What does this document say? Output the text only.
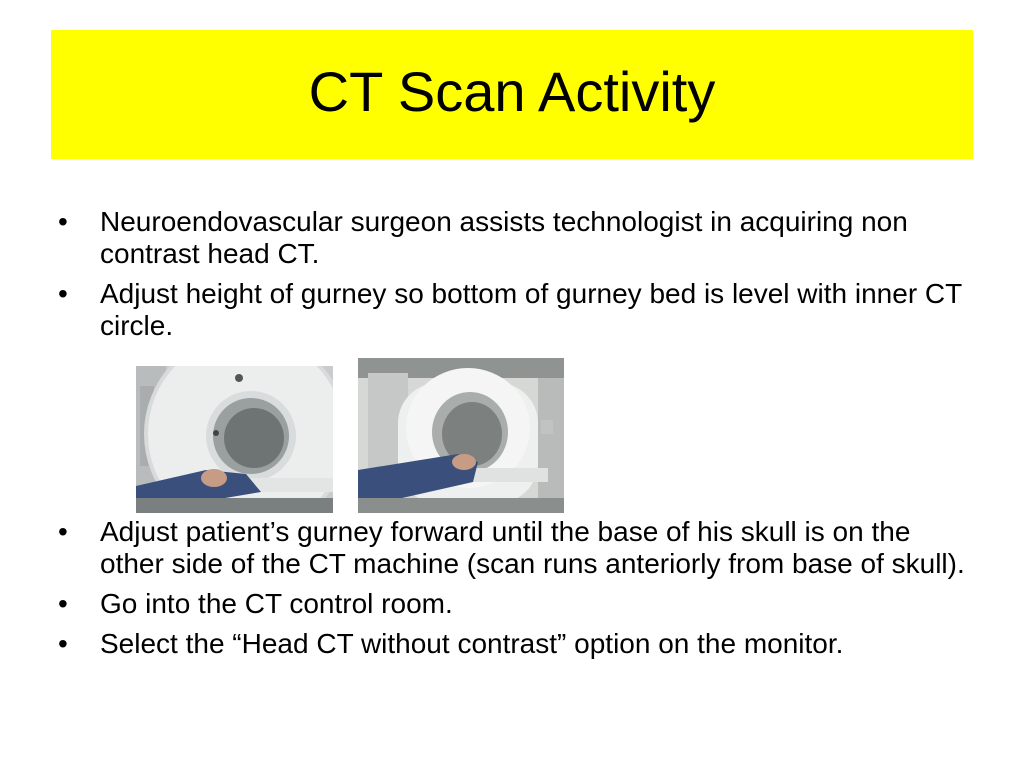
CT Scan Activity
• Neuroendovascular surgeon assists technologist in acquiring non contrast head CT.
• Adjust height of gurney so bottom of gurney bed is level with inner CT circle.
• Adjust patient’s gurney forward until the base of his skull is on the other side of the CT machine (scan runs anteriorly from base of skull).
• Go into the CT control room.
• Select the “Head CT without contrast” option on the monitor.
